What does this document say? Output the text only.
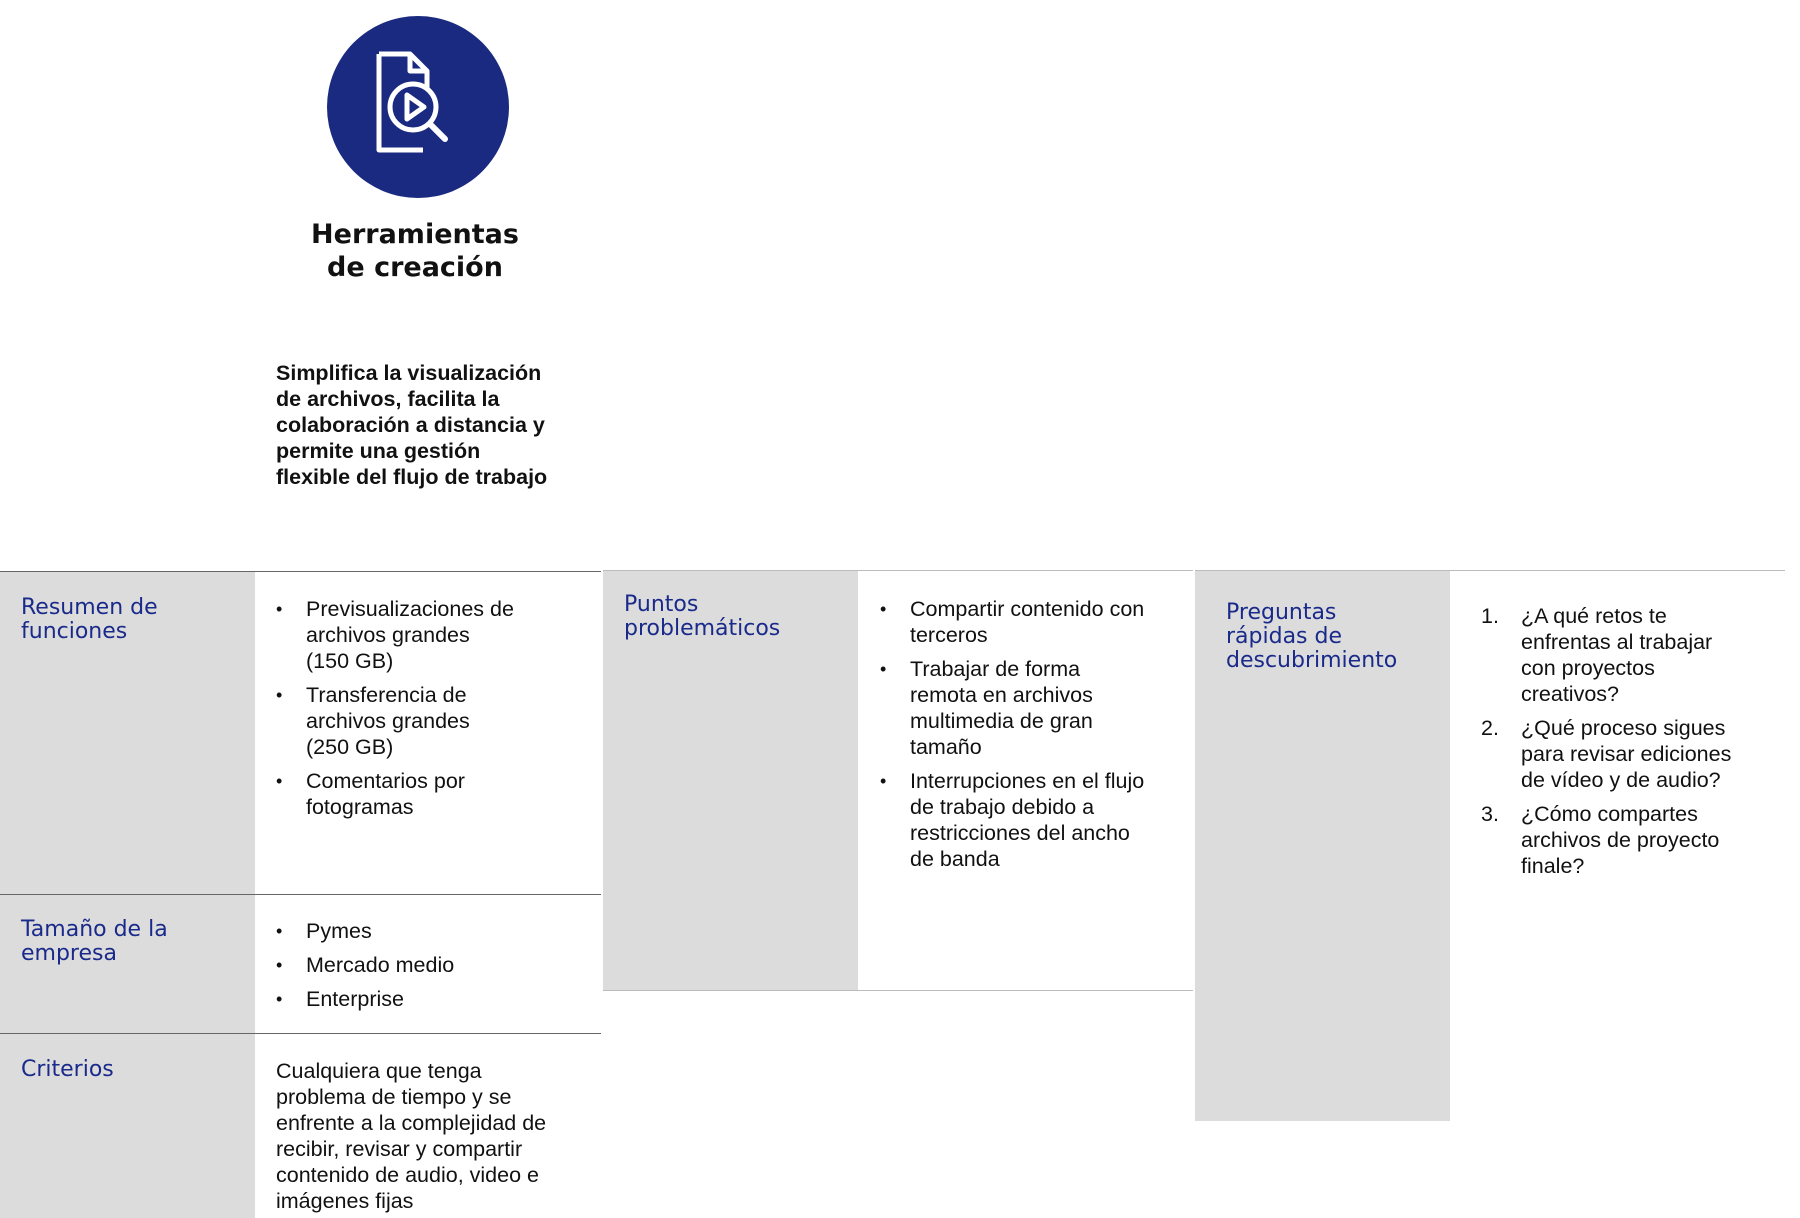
Herramientas
de creación
Simplifica la visualización
de archivos, facilita la
colaboración a distancia y
permite una gestión
flexible del flujo de trabajo
Resumen de
funciones
• Previsualizaciones de
archivos grandes
(150 GB)
• Transferencia de
archivos grandes
(250 GB)
• Comentarios por
fotogramas
Tamaño de la
empresa
• Pymes
• Mercado medio
• Enterprise
Criterios	Cualquiera que tenga
problema de tiempo y se
enfrente a la complejidad de
recibir, revisar y compartir
contenido de audio, video e
imágenes fijas
Puntos
problemáticos
• Compartir contenido con
terceros
• Trabajar de forma
remota en archivos
multimedia de gran
tamaño
• Interrupciones en el flujo
de trabajo debido a
restricciones del ancho
de banda
Preguntas
rápidas de
descubrimiento
1. ¿A qué retos te
enfrentas al trabajar
con proyectos
creativos?
2. ¿Qué proceso sigues
para revisar ediciones
de vídeo y de audio?
3. ¿Cómo compartes
archivos de proyecto
finale?
